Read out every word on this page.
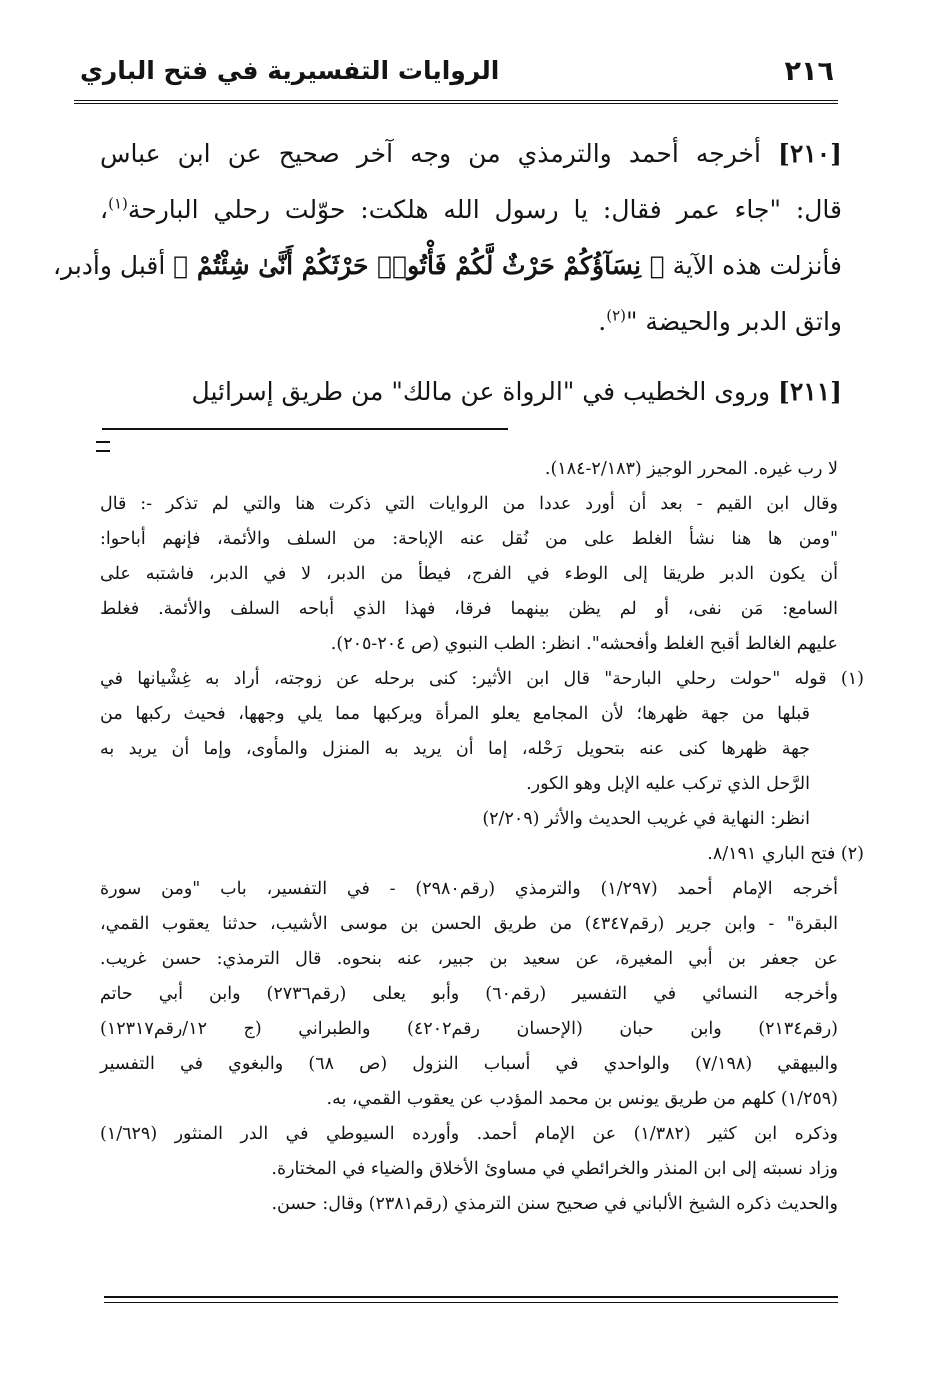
٢١٦
الروايات التفسيرية في فتح الباري
[٢١٠] أخرجه أحمد والترمذي من وجه آخر صحيح عن ابن عباس
قال: "جاء عمر فقال: يا رسول الله هلكت: حوّلت رحلي البارحة$^{(١)}$،
فأنزلت هذه الآية ﴿ نِسَآؤُكُمْ حَرْثٌ لَّكُمْ فَأْتُوا۟ حَرْثَكُمْ أَنَّىٰ شِئْتُمْ ﴾ أقبل وأدبر،
واتق الدبر والحيضة "$^{(٢)}$.
[٢١١] وروى الخطيب في "الرواة عن مالك" من طريق إسرائيل
لا رب غيره. المحرر الوجيز (٢/١٨٣-١٨٤).
وقال ابن القيم - بعد أن أورد عددا من الروايات التي ذكرت هنا والتي لم تذكر -: قال
"ومن ها هنا نشأ الغلط على من نُقل عنه الإباحة: من السلف والأئمة، فإنهم أباحوا:
أن يكون الدبر طريقا إلى الوطء في الفرج، فيطأ من الدبر، لا في الدبر، فاشتبه على
السامع: مَن نفى، أو لم يظن بينهما فرقا، فهذا الذي أباحه السلف والأئمة. فغلط
عليهم الغالط أقبح الغلط وأفحشه". انظر: الطب النبوي (ص ٢٠٤-٢٠٥).
(١) قوله "حولت رحلي البارحة" قال ابن الأثير: كنى برحله عن زوجته، أراد به غِشْيانها في
قبلها من جهة ظهرها؛ لأن المجامع يعلو المرأة ويركبها مما يلي وجهها، فحيث ركبها من
جهة ظهرها كنى عنه بتحويل رَحْله، إما أن يريد به المنزل والمأوى، وإما أن يريد به
الرَّحل الذي تركب عليه الإبل وهو الكور.
انظر: النهاية في غريب الحديث والأثر (٢/٢٠٩)
(٢) فتح الباري ٨/١٩١.
أخرجه الإمام أحمد (١/٢٩٧) والترمذي (رقم٢٩٨٠) - في التفسير، باب "ومن سورة
البقرة" - وابن جرير (رقم٤٣٤٧) من طريق الحسن بن موسى الأشيب، حدثنا يعقوب القمي،
عن جعفر بن أبي المغيرة، عن سعيد بن جبير، عنه بنحوه. قال الترمذي: حسن غريب.
وأخرجه النسائي في التفسير (رقم٦٠) وأبو يعلى (رقم٢٧٣٦) وابن أبي حاتم
(رقم٢١٣٤) وابن حبان (الإحسان رقم٤٢٠٢) والطبراني (ج ١٢/رقم١٢٣١٧)
والبيهقي (٧/١٩٨) والواحدي في أسباب النزول (ص ٦٨) والبغوي في التفسير
(١/٢٥٩) كلهم من طريق يونس بن محمد المؤدب عن يعقوب القمي، به.
وذكره ابن كثير (١/٣٨٢) عن الإمام أحمد. وأورده السيوطي في الدر المنثور (١/٦٢٩)
وزاد نسبته إلى ابن المنذر والخرائطي في مساوئ الأخلاق والضياء في المختارة.
والحديث ذكره الشيخ الألباني في صحيح سنن الترمذي (رقم٢٣٨١) وقال: حسن.
